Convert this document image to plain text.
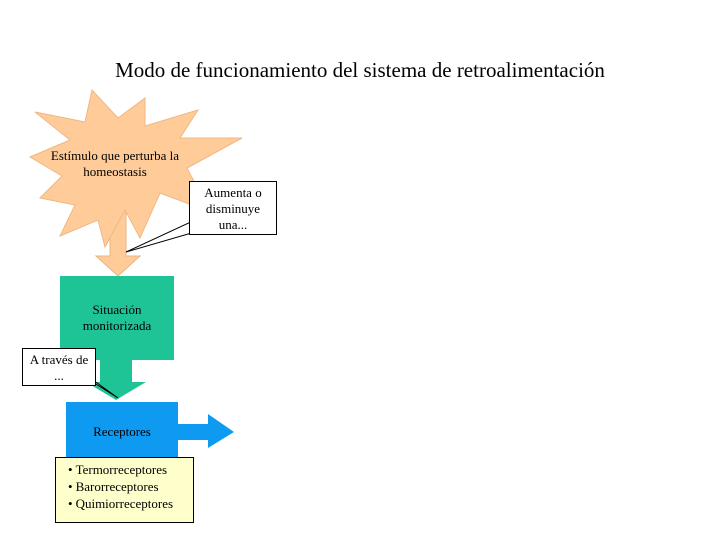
Modo de funcionamiento del sistema de retroalimentación
Estímulo que perturba la homeostasis
Aumenta o disminuye una...
Situación monitorizada
A través de ...
Receptores
• Termorreceptores
• Barorreceptores
• Quimiorreceptores
